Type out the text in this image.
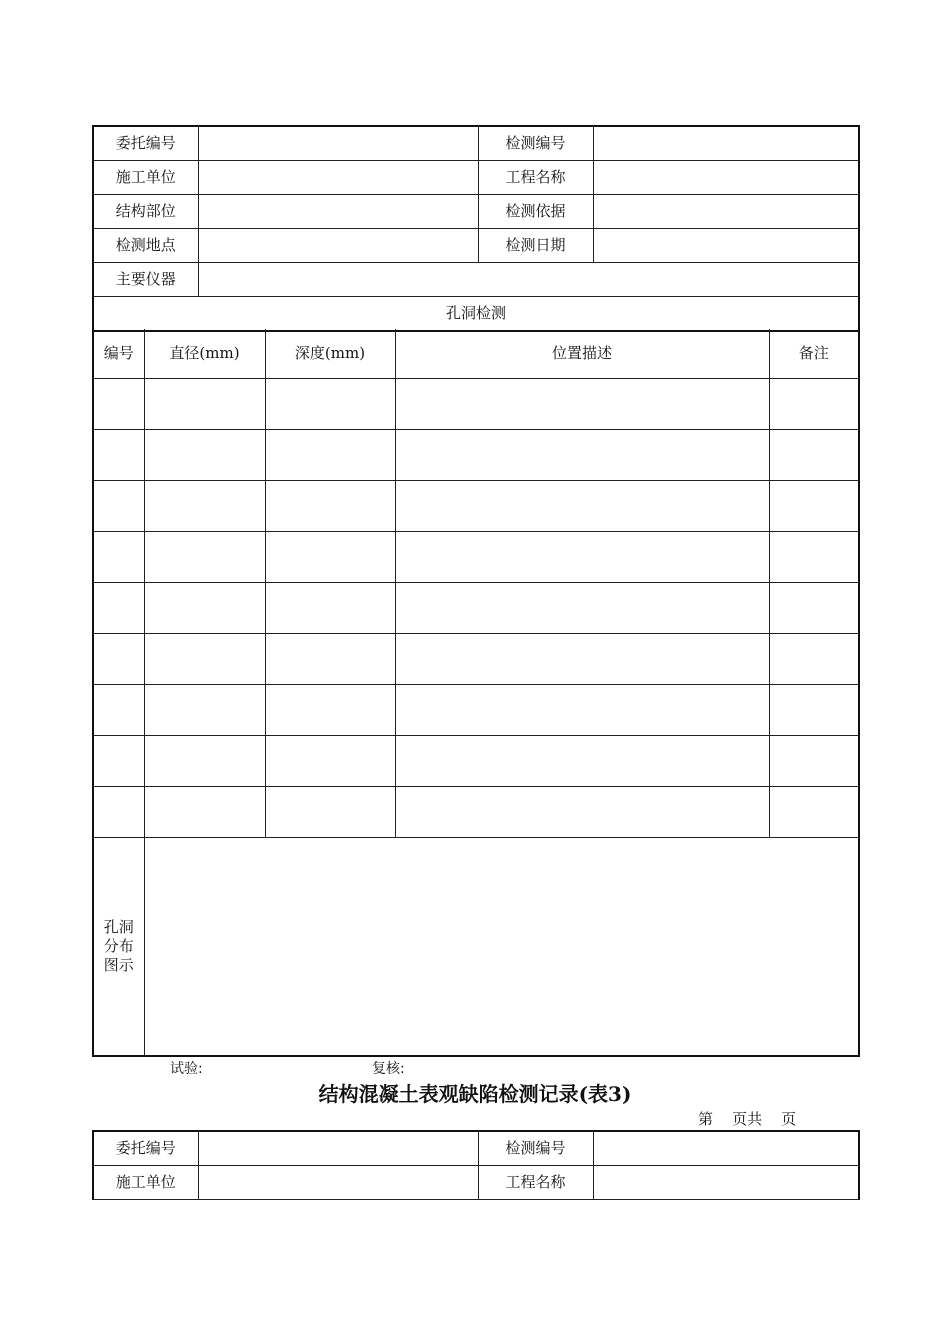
委托编号		检测编号	
施工单位		工程名称	
结构部位		检测依据	
检测地点		检测日期	
主要仪器			
孔洞检测			
编号	直径(mm)	深度(mm)	位置描述	备注

孔洞
分布
图示				

试验:	复核:
结构混凝土表观缺陷检测记录(表3)
第    页共    页
委托编号		检测编号	
施工单位		工程名称	
